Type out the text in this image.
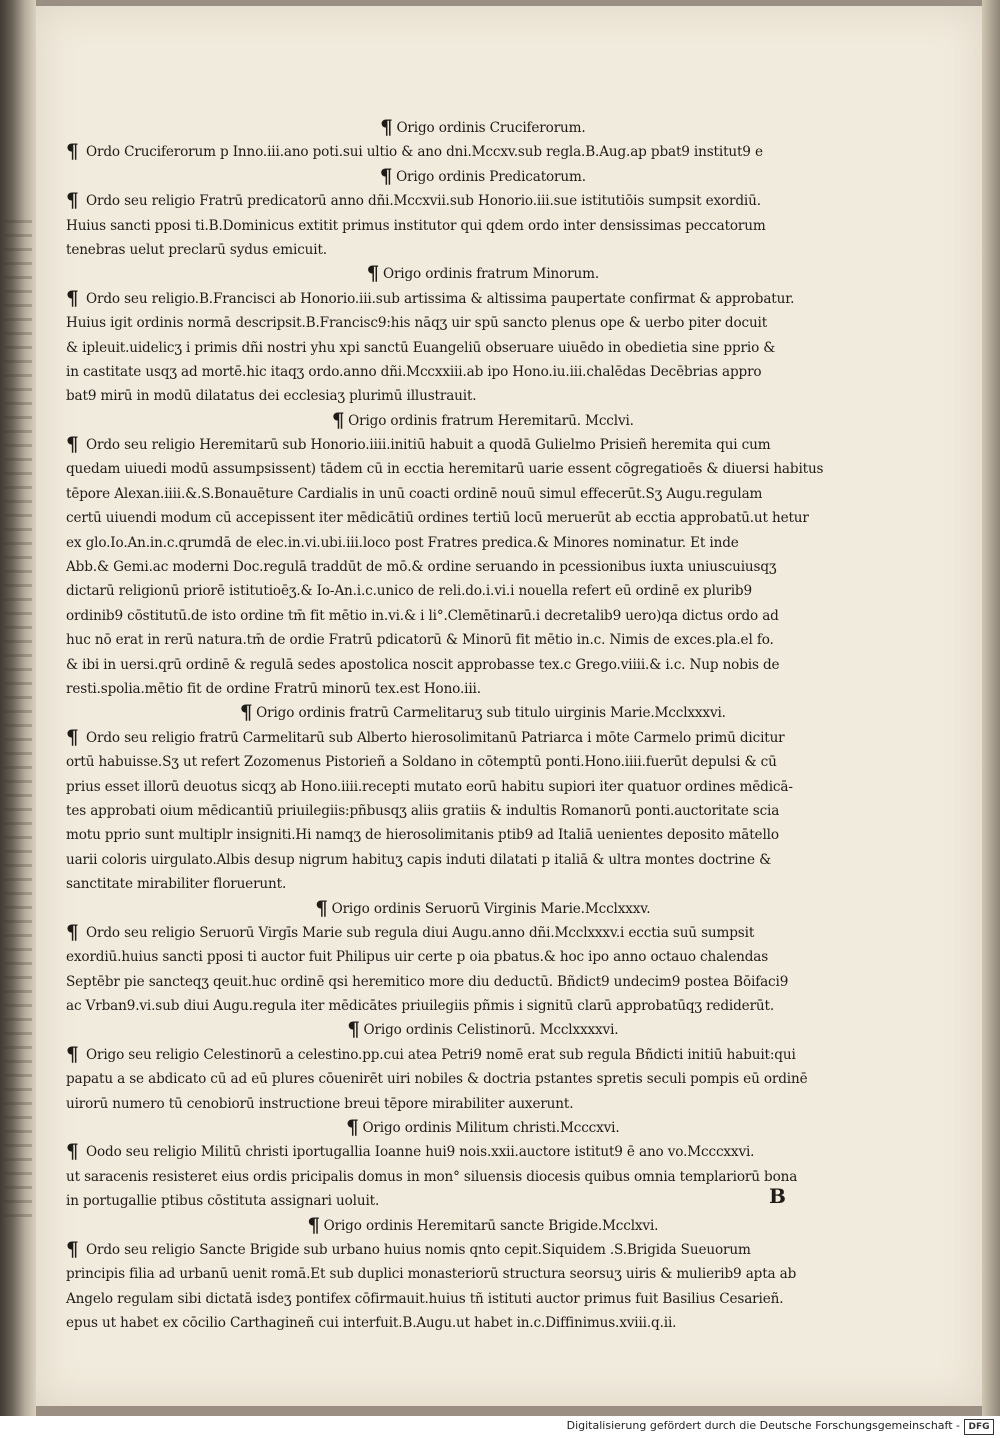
¶ Origo ordinis Cruciferorum.
¶ Ordo Cruciferorum p Inno.iii.ano poti.sui ultio & ano dni.Mccxv.sub regla.B.Aug.ap pbat9 institut9 e
¶ Origo ordinis Predicatorum.
¶ Ordo seu religio Fratrū predicatorū anno dñi.Mccxvii.sub Honorio.iii.sue istitutiōis sumpsit exordiū.
Huius sancti pposi ti.B.Dominicus extitit primus institutor qui qdem ordo inter densissimas peccatorum
tenebras uelut preclarū sydus emicuit.
¶ Origo ordinis fratrum Minorum.
¶ Ordo seu religio.B.Francisci ab Honorio.iii.sub artissima & altissima paupertate confirmat & approbatur.
Huius igit ordinis normā descripsit.B.Francisc9:his nāqʒ uir spū sancto plenus ope & uerbo piter docuit
& ipleuit.uidelicʒ i primis dñi nostri yhu xpi sanctū Euangeliū obseruare uiuēdo in obedietia sine pprio &
in castitate usqʒ ad mortē.hic itaqʒ ordo.anno dñi.Mccxxiii.ab ipo Hono.iu.iii.chalēdas Decēbrias appro
bat9 mirū in modū dilatatus dei ecclesiaʒ plurimū illustrauit.
¶ Origo ordinis fratrum Heremitarū. Mcclvi.
¶ Ordo seu religio Heremitarū sub Honorio.iiii.initiū habuit a quodā Gulielmo Prisieñ heremita qui cum
quedam uiuedi modū assumpsissent) tādem cū in ecctia heremitarū uarie essent cōgregatioēs & diuersi habitus
tēpore Alexan.iiii.&.S.Bonauēture Cardialis in unū coacti ordinē nouū simul effecerūt.Sʒ Augu.regulam
certū uiuendi modum cū accepissent iter mēdicātiū ordines tertiū locū meruerūt ab ecctia approbatū.ut hetur
ex glo.Io.An.in.c.qrumdā de elec.in.vi.ubi.iii.loco post Fratres predica.& Minores nominatur. Et inde
Abb.& Gemi.ac moderni Doc.regulā traddūt de mō.& ordine seruando in pcessionibus iuxta uniuscuiusqʒ
dictarū religionū priorē istitutioēʒ.& Io-An.i.c.unico de reli.do.i.vi.i nouella refert eū ordinē ex plurib9
ordinib9 cōstitutū.de isto ordine tm̄ fit mētio in.vi.& i li°.Clemētinarū.i decretalib9 uero)qa dictus ordo ad
huc nō erat in rerū natura.tm̄ de ordie Fratrū pdicatorū & Minorū fit mētio in.c. Nimis de exces.pla.el fo.
& ibi in uersi.qrū ordinē & regulā sedes apostolica noscit approbasse tex.c Grego.viiii.& i.c. Nup nobis de
resti.spolia.mētio fit de ordine Fratrū minorū tex.est Hono.iii.
¶ Origo ordinis fratrū Carmelitaruʒ sub titulo uirginis Marie.Mcclxxxvi.
¶ Ordo seu religio fratrū Carmelitarū sub Alberto hierosolimitanū Patriarca i mōte Carmelo primū dicitur
ortū habuisse.Sʒ ut refert Zozomenus Pistorieñ a Soldano in cōtemptū ponti.Hono.iiii.fuerūt depulsi & cū
prius esset illorū deuotus sicqʒ ab Hono.iiii.recepti mutato eorū habitu supiori iter quatuor ordines mēdicā-
tes approbati oium mēdicantiū priuilegiis:pñbusqʒ aliis gratiis & indultis Romanorū ponti.auctoritate scia
motu pprio sunt multiplr insigniti.Hi namqʒ de hierosolimitanis ptib9 ad Italiā uenientes deposito mātello
uarii coloris uirgulato.Albis desup nigrum habituʒ capis induti dilatati p italiā & ultra montes doctrine &
sanctitate mirabiliter floruerunt.
¶ Origo ordinis Seruorū Virginis Marie.Mcclxxxv.
¶ Ordo seu religio Seruorū Virgīs Marie sub regula diui Augu.anno dñi.Mcclxxxv.i ecctia suū sumpsit
exordiū.huius sancti pposi ti auctor fuit Philipus uir certe p oia pbatus.& hoc ipo anno octauo chalendas
Septēbr pie sancteqʒ qeuit.huc ordinē qsi heremitico more diu deductū. Bñdict9 undecim9 postea Bōifaci9
ac Vrban9.vi.sub diui Augu.regula iter mēdicātes priuilegiis pñmis i signitū clarū approbatūqʒ rediderūt.
¶ Origo ordinis Celistinorū. Mcclxxxxvi.
¶ Origo seu religio Celestinorū a celestino.pp.cui atea Petri9 nomē erat sub regula Bñdicti initiū habuit:qui
papatu a se abdicato cū ad eū plures cōuenirēt uiri nobiles & doctria pstantes spretis seculi pompis eū ordinē
uirorū numero tū cenobiorū instructione breui tēpore mirabiliter auxerunt.
¶ Origo ordinis Militum christi.Mcccxvi.
¶ Oodo seu religio Militū christi iportugallia Ioanne hui9 nois.xxii.auctore istitut9 ē ano vo.Mcccxxvi.
ut saracenis resisteret eius ordis pricipalis domus in mon° siluensis diocesis quibus omnia templariorū bona
in portugallie ptibus cōstituta assignari uoluit.
¶ Origo ordinis Heremitarū sancte Brigide.Mcclxvi.
¶ Ordo seu religio Sancte Brigide sub urbano huius nomis qnto cepit.Siquidem .S.Brigida Sueuorum
principis filia ad urbanū uenit romā.Et sub duplici monasteriorū structura seorsuʒ uiris & mulierib9 apta ab
Angelo regulam sibi dictatā isdeʒ pontifex cōfirmauit.huius tñ istituti auctor primus fuit Basilius Cesarieñ.
epus ut habet ex cōcilio Carthagineñ cui interfuit.B.Augu.ut habet in.c.Diffinimus.xviii.q.ii.
B
Digitalisierung gefördert durch die Deutsche Forschungsgemeinschaft - DFG
